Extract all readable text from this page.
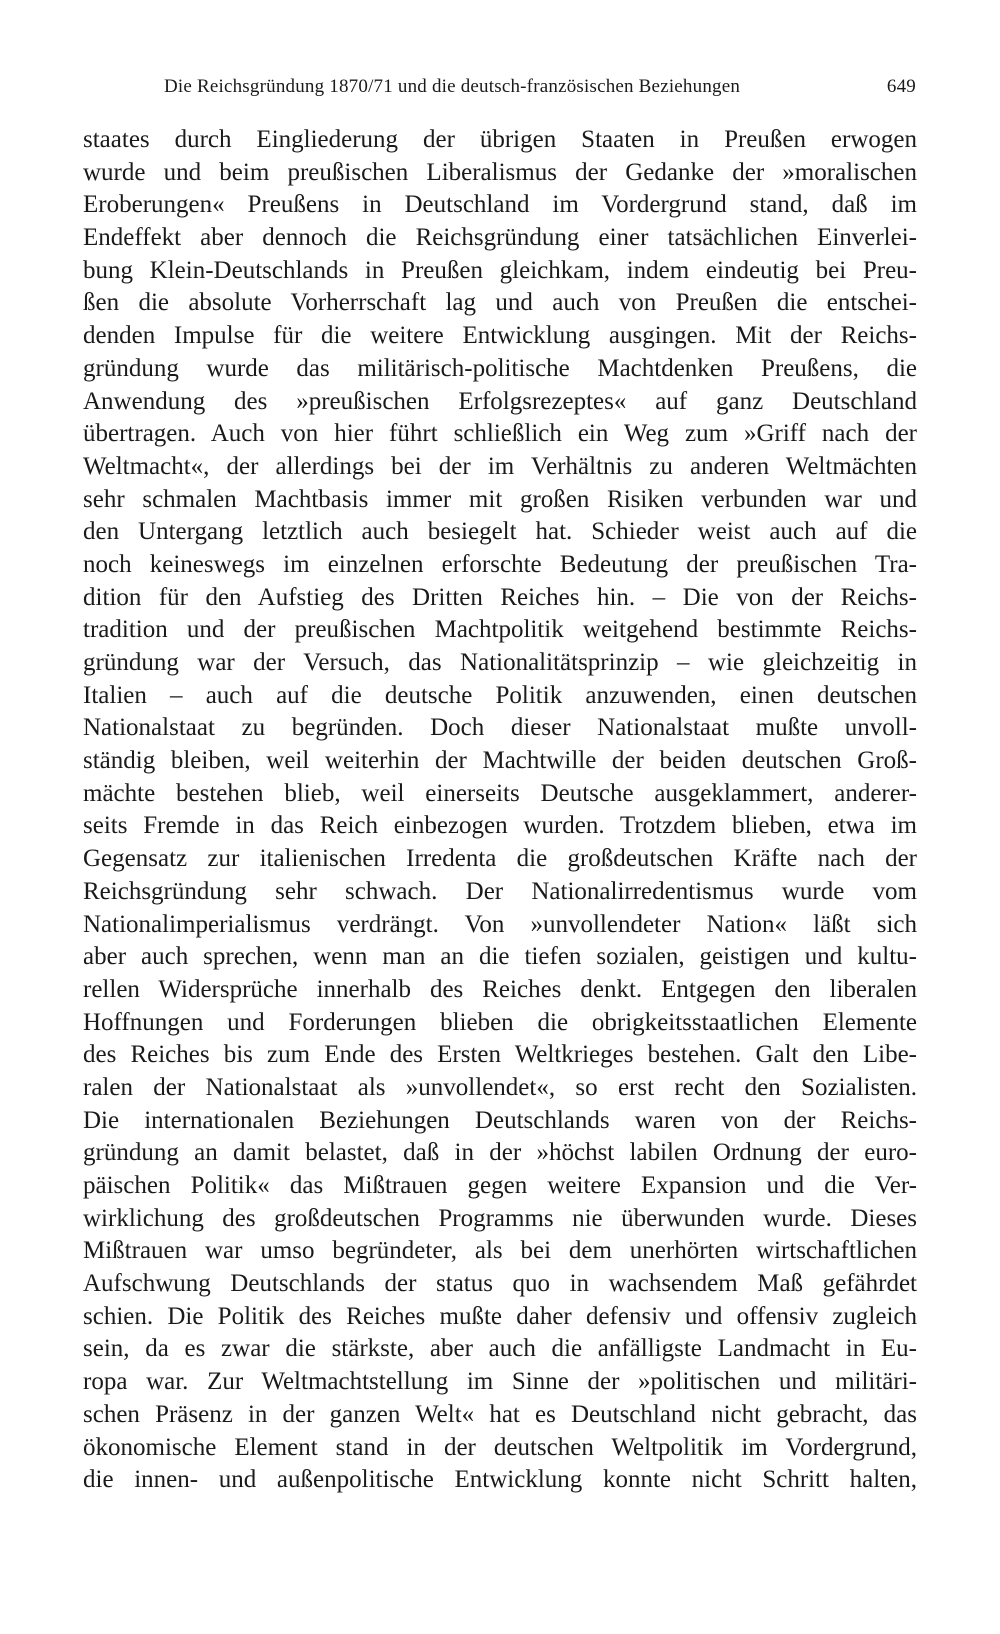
Die Reichsgründung 1870/71 und die deutsch-französischen Beziehungen	649
staates durch Eingliederung der übrigen Staaten in Preußen erwogen
wurde und beim preußischen Liberalismus der Gedanke der »moralischen
Eroberungen« Preußens in Deutschland im Vordergrund stand, daß im
Endeffekt aber dennoch die Reichsgründung einer tatsächlichen Einverlei-
bung Klein-Deutschlands in Preußen gleichkam, indem eindeutig bei Preu-
ßen die absolute Vorherrschaft lag und auch von Preußen die entschei-
denden Impulse für die weitere Entwicklung ausgingen. Mit der Reichs-
gründung wurde das militärisch-politische Machtdenken Preußens, die
Anwendung des »preußischen Erfolgsrezeptes« auf ganz Deutschland
übertragen. Auch von hier führt schließlich ein Weg zum »Griff nach der
Weltmacht«, der allerdings bei der im Verhältnis zu anderen Weltmächten
sehr schmalen Machtbasis immer mit großen Risiken verbunden war und
den Untergang letztlich auch besiegelt hat. Schieder weist auch auf die
noch keineswegs im einzelnen erforschte Bedeutung der preußischen Tra-
dition für den Aufstieg des Dritten Reiches hin. – Die von der Reichs-
tradition und der preußischen Machtpolitik weitgehend bestimmte Reichs-
gründung war der Versuch, das Nationalitätsprinzip – wie gleichzeitig in
Italien – auch auf die deutsche Politik anzuwenden, einen deutschen
Nationalstaat zu begründen. Doch dieser Nationalstaat mußte unvoll-
ständig bleiben, weil weiterhin der Machtwille der beiden deutschen Groß-
mächte bestehen blieb, weil einerseits Deutsche ausgeklammert, anderer-
seits Fremde in das Reich einbezogen wurden. Trotzdem blieben, etwa im
Gegensatz zur italienischen Irredenta die großdeutschen Kräfte nach der
Reichsgründung sehr schwach. Der Nationalirredentismus wurde vom
Nationalimperialismus verdrängt. Von »unvollendeter Nation« läßt sich
aber auch sprechen, wenn man an die tiefen sozialen, geistigen und kultu-
rellen Widersprüche innerhalb des Reiches denkt. Entgegen den liberalen
Hoffnungen und Forderungen blieben die obrigkeitsstaatlichen Elemente
des Reiches bis zum Ende des Ersten Weltkrieges bestehen. Galt den Libe-
ralen der Nationalstaat als »unvollendet«, so erst recht den Sozialisten.
Die internationalen Beziehungen Deutschlands waren von der Reichs-
gründung an damit belastet, daß in der »höchst labilen Ordnung der euro-
päischen Politik« das Mißtrauen gegen weitere Expansion und die Ver-
wirklichung des großdeutschen Programms nie überwunden wurde. Dieses
Mißtrauen war umso begründeter, als bei dem unerhörten wirtschaftlichen
Aufschwung Deutschlands der status quo in wachsendem Maß gefährdet
schien. Die Politik des Reiches mußte daher defensiv und offensiv zugleich
sein, da es zwar die stärkste, aber auch die anfälligste Landmacht in Eu-
ropa war. Zur Weltmachtstellung im Sinne der »politischen und militäri-
schen Präsenz in der ganzen Welt« hat es Deutschland nicht gebracht, das
ökonomische Element stand in der deutschen Weltpolitik im Vordergrund,
die innen- und außenpolitische Entwicklung konnte nicht Schritt halten,
